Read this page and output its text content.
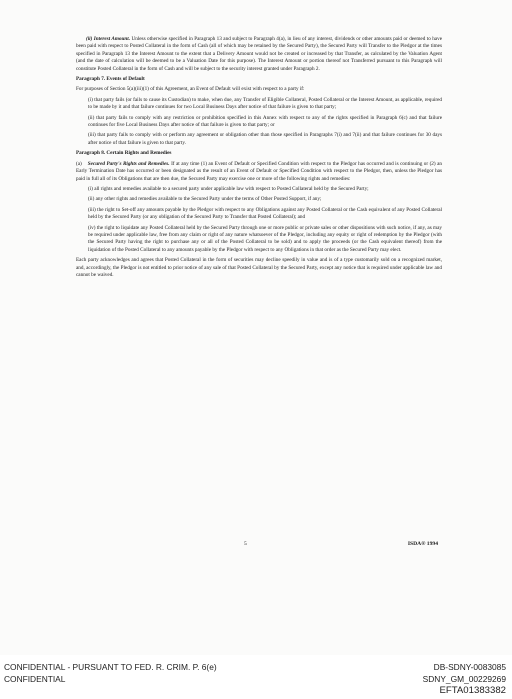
(ii) Interest Amount. Unless otherwise specified in Paragraph 13 and subject to Paragraph 4(a), in lieu of any interest, dividends or other amounts paid or deemed to have been paid with respect to Posted Collateral in the form of Cash (all of which may be retained by the Secured Party), the Secured Party will Transfer to the Pledgor at the times specified in Paragraph 13 the Interest Amount to the extent that a Delivery Amount would not be created or increased by that Transfer, as calculated by the Valuation Agent (and the date of calculation will be deemed to be a Valuation Date for this purpose). The Interest Amount or portion thereof not Transferred pursuant to this Paragraph will constitute Posted Collateral in the form of Cash and will be subject to the security interest granted under Paragraph 2.

Paragraph 7. Events of Default

For purposes of Section 5(a)(iii)(1) of this Agreement, an Event of Default will exist with respect to a party if:

(i) that party fails (or fails to cause its Custodian) to make, when due, any Transfer of Eligible Collateral, Posted Collateral or the Interest Amount, as applicable, required to be made by it and that failure continues for two Local Business Days after notice of that failure is given to that party;

(ii) that party fails to comply with any restriction or prohibition specified in this Annex with respect to any of the rights specified in Paragraph 6(c) and that failure continues for five Local Business Days after notice of that failure is given to that party; or

(iii) that party fails to comply with or perform any agreement or obligation other than those specified in Paragraphs 7(i) and 7(ii) and that failure continues for 30 days after notice of that failure is given to that party.

Paragraph 8. Certain Rights and Remedies

(a) Secured Party's Rights and Remedies. If at any time (1) an Event of Default or Specified Condition with respect to the Pledgor has occurred and is continuing or (2) an Early Termination Date has occurred or been designated as the result of an Event of Default or Specified Condition with respect to the Pledgor, then, unless the Pledgor has paid in full all of its Obligations that are then due, the Secured Party may exercise one or more of the following rights and remedies:

(i) all rights and remedies available to a secured party under applicable law with respect to Posted Collateral held by the Secured Party;

(ii) any other rights and remedies available to the Secured Party under the terms of Other Posted Support, if any;

(iii) the right to Set-off any amounts payable by the Pledgor with respect to any Obligations against any Posted Collateral or the Cash equivalent of any Posted Collateral held by the Secured Party (or any obligation of the Secured Party to Transfer that Posted Collateral); and

(iv) the right to liquidate any Posted Collateral held by the Secured Party through one or more public or private sales or other dispositions with such notice, if any, as may be required under applicable law, free from any claim or right of any nature whatsoever of the Pledgor, including any equity or right of redemption by the Pledgor (with the Secured Party having the right to purchase any or all of the Posted Collateral to be sold) and to apply the proceeds (or the Cash equivalent thereof) from the liquidation of the Posted Collateral to any amounts payable by the Pledgor with respect to any Obligations in that order as the Secured Party may elect.

Each party acknowledges and agrees that Posted Collateral in the form of securities may decline speedily in value and is of a type customarily sold on a recognized market, and, accordingly, the Pledgor is not entitled to prior notice of any sale of that Posted Collateral by the Secured Party, except any notice that is required under applicable law and cannot be waived.

5	ISDA® 1994
CONFIDENTIAL - PURSUANT TO FED. R. CRIM. P. 6(e)	DB-SDNY-0083085
CONFIDENTIAL	SDNY_GM_00229269
EFTA01383382
